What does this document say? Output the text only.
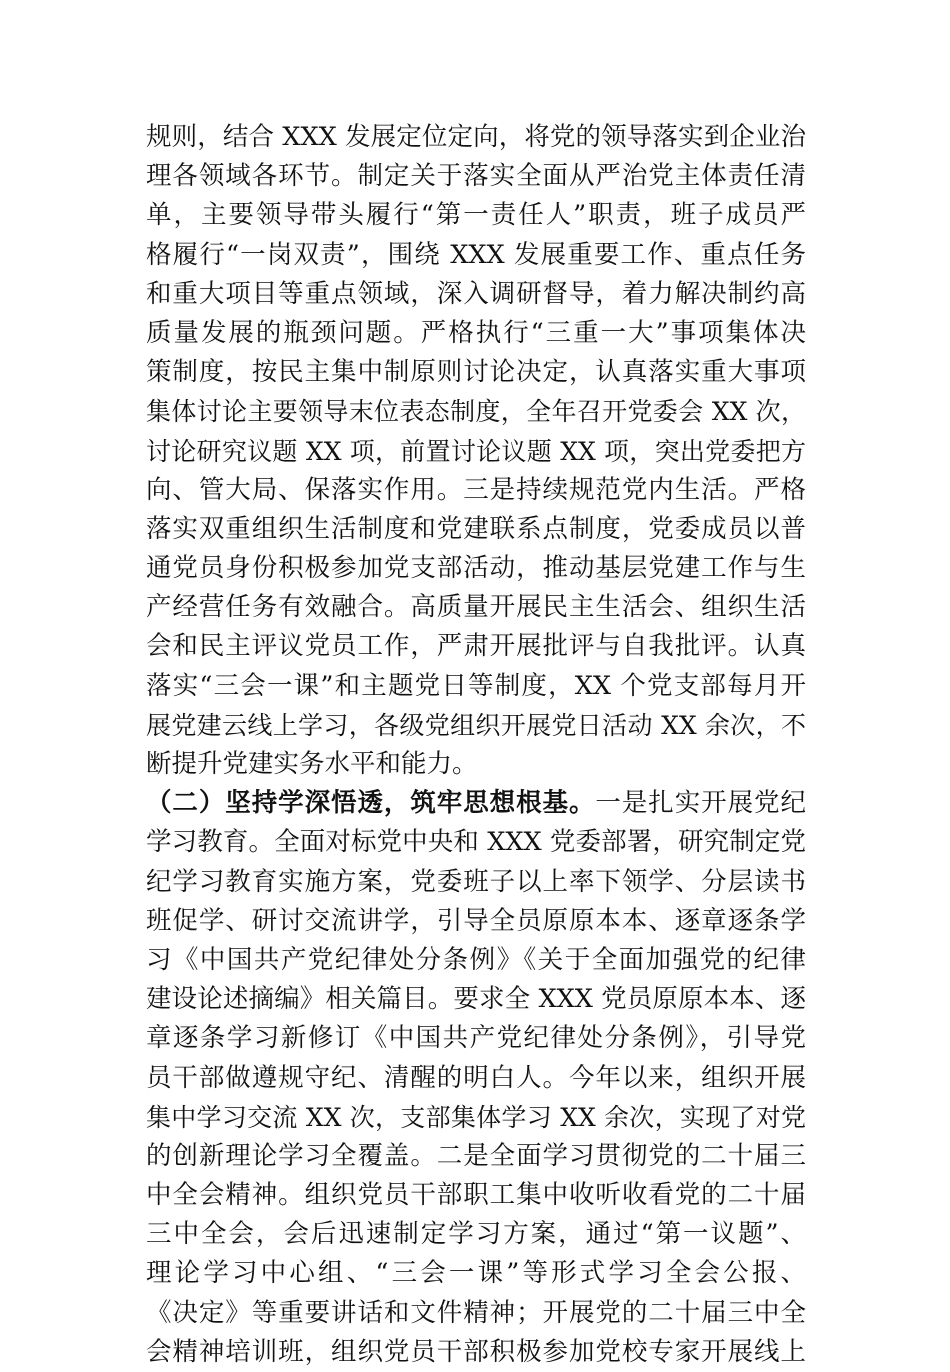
规则，结合 XXX 发展定位定向，将党的领导落实到企业治
理各领域各环节。制定关于落实全面从严治党主体责任清
单，主要领导带头履行“第一责任人”职责，班子成员严
格履行“一岗双责”，围绕 XXX 发展重要工作、重点任务
和重大项目等重点领域，深入调研督导，着力解决制约高
质量发展的瓶颈问题。严格执行“三重一大”事项集体决
策制度，按民主集中制原则讨论决定，认真落实重大事项
集体讨论主要领导末位表态制度，全年召开党委会 XX 次，
讨论研究议题 XX 项，前置讨论议题 XX 项，突出党委把方
向、管大局、保落实作用。三是持续规范党内生活。严格
落实双重组织生活制度和党建联系点制度，党委成员以普
通党员身份积极参加党支部活动，推动基层党建工作与生
产经营任务有效融合。高质量开展民主生活会、组织生活
会和民主评议党员工作，严肃开展批评与自我批评。认真
落实“三会一课”和主题党日等制度，XX 个党支部每月开
展党建云线上学习，各级党组织开展党日活动 XX 余次，不
断提升党建实务水平和能力。
（二）坚持学深悟透，筑牢思想根基。一是扎实开展党纪
学习教育。全面对标党中央和 XXX 党委部署，研究制定党
纪学习教育实施方案，党委班子以上率下领学、分层读书
班促学、研讨交流讲学，引导全员原原本本、逐章逐条学
习《中国共产党纪律处分条例》《关于全面加强党的纪律
建设论述摘编》相关篇目。要求全 XXX 党员原原本本、逐
章逐条学习新修订《中国共产党纪律处分条例》，引导党
员干部做遵规守纪、清醒的明白人。今年以来，组织开展
集中学习交流 XX 次，支部集体学习 XX 余次，实现了对党
的创新理论学习全覆盖。二是全面学习贯彻党的二十届三
中全会精神。组织党员干部职工集中收听收看党的二十届
三中全会，会后迅速制定学习方案，通过“第一议题”、
理论学习中心组、“三会一课”等形式学习全会公报、
《决定》等重要讲话和文件精神；开展党的二十届三中全
会精神培训班，组织党员干部积极参加党校专家开展线上
